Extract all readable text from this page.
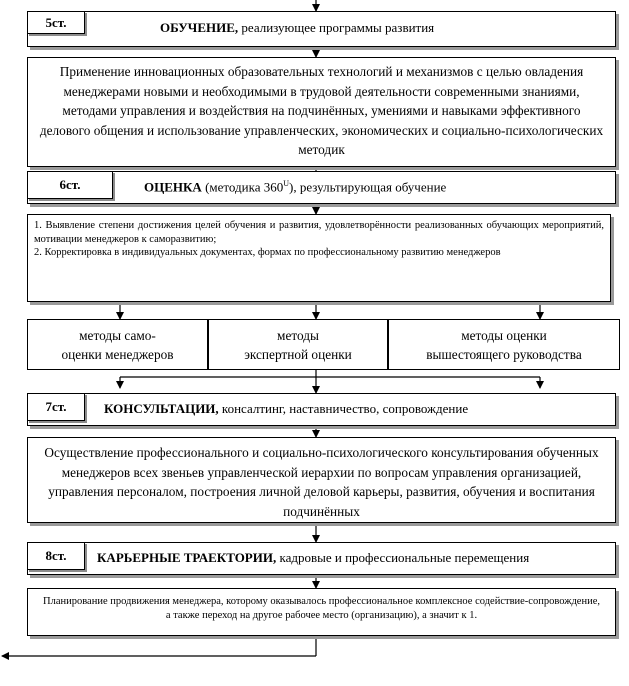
5ст.	ОБУЧЕНИЕ, реализующее программы развития
Применение инновационных образовательных технологий и механизмов с целью овладения менеджерами новыми и необходимыми в трудовой деятельности современными знаниями, методами управления и воздействия на подчинённых, умениями и навыками эффективного делового общения и использование управленческих, экономических и социально-психологических методик
6ст.	ОЦЕНКА (методика $360^U$), результирующая обучение
1. Выявление степени достижения целей обучения и развития, удовлетворённости реализованных обучающих мероприятий, мотивации менеджеров к саморазвитию;
2. Корректировка в индивидуальных документах, формах по профессиональному развитию менеджеров
методы само-
оценки менеджеров
методы
экспертной оценки
методы оценки
вышестоящего руководства
7ст.	КОНСУЛЬТАЦИИ, консалтинг, наставничество, сопровождение
Осуществление профессионального и социально-психологического консультирования обученных менеджеров всех звеньев управленческой иерархии по вопросам управления организацией, управления персоналом, построения личной деловой карьеры, развития, обучения и воспитания подчинённых
8ст.	КАРЬЕРНЫЕ ТРАЕКТОРИИ, кадровые и профессиональные перемещения
Планирование продвижения менеджера, которому оказывалось профессиональное комплексное содействие-сопровождение, а также переход на другое рабочее место (организацию), а значит к 1.
